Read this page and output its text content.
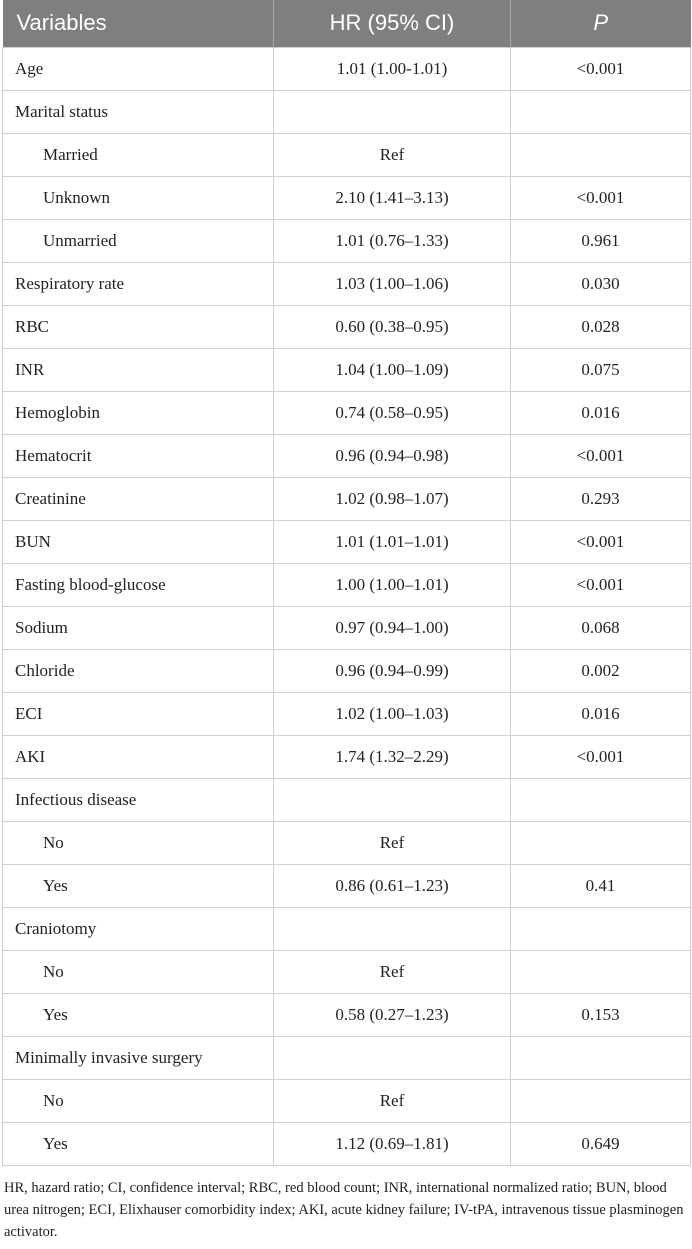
Variables	HR (95% CI)	P
Age	1.01 (1.00-1.01)	<0.001
Marital status		
Married	Ref	
Unknown	2.10 (1.41–3.13)	<0.001
Unmarried	1.01 (0.76–1.33)	0.961
Respiratory rate	1.03 (1.00–1.06)	0.030
RBC	0.60 (0.38–0.95)	0.028
INR	1.04 (1.00–1.09)	0.075
Hemoglobin	0.74 (0.58–0.95)	0.016
Hematocrit	0.96 (0.94–0.98)	<0.001
Creatinine	1.02 (0.98–1.07)	0.293
BUN	1.01 (1.01–1.01)	<0.001
Fasting blood-glucose	1.00 (1.00–1.01)	<0.001
Sodium	0.97 (0.94–1.00)	0.068
Chloride	0.96 (0.94–0.99)	0.002
ECI	1.02 (1.00–1.03)	0.016
AKI	1.74 (1.32–2.29)	<0.001
Infectious disease		
No	Ref	
Yes	0.86 (0.61–1.23)	0.41
Craniotomy		
No	Ref	
Yes	0.58 (0.27–1.23)	0.153
Minimally invasive surgery		
No	Ref	
Yes	1.12 (0.69–1.81)	0.649
HR, hazard ratio; CI, confidence interval; RBC, red blood count; INR, international normalized ratio; BUN, blood urea nitrogen; ECI, Elixhauser comorbidity index; AKI, acute kidney failure; IV-tPA, intravenous tissue plasminogen activator.
